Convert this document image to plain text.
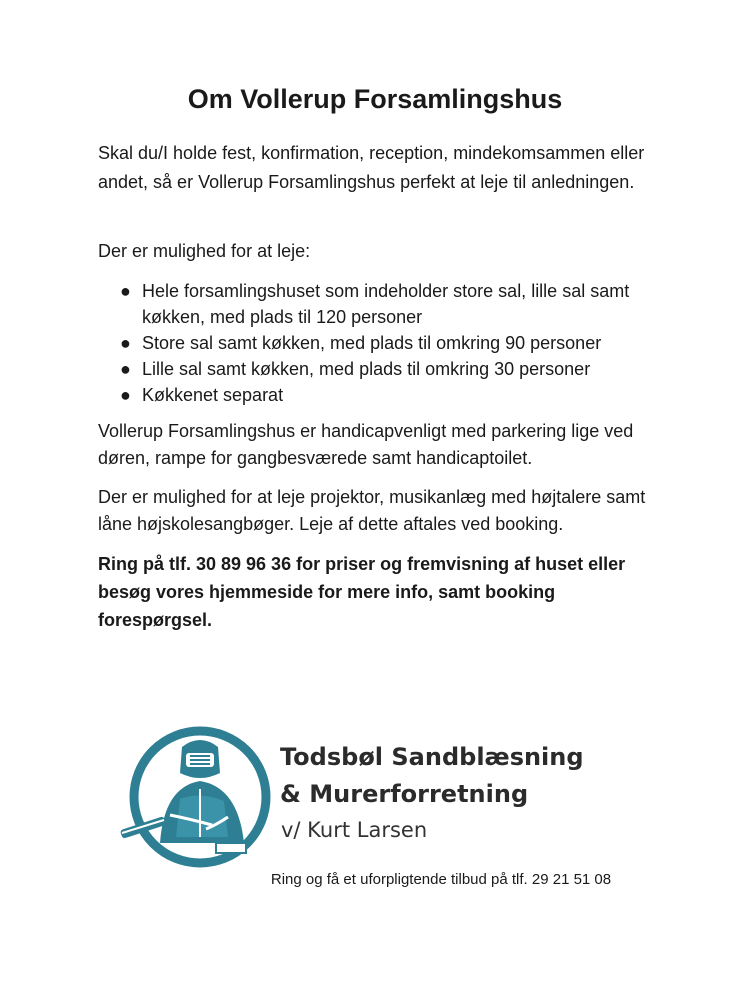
Om Vollerup Forsamlingshus

Skal du/I holde fest, konfirmation, reception, mindekomsammen eller andet, så er Vollerup Forsamlingshus perfekt at leje til anledningen.

Der er mulighed for at leje:

● Hele forsamlingshuset som indeholder store sal, lille sal samt køkken, med plads til 120 personer
● Store sal samt køkken, med plads til omkring 90 personer
● Lille sal samt køkken, med plads til omkring 30 personer
● Køkkenet separat

Vollerup Forsamlingshus er handicapvenligt med parkering lige ved døren, rampe for gangbesværede samt handicaptoilet.

Der er mulighed for at leje projektor, musikanlæg med højtalere samt låne højskolesangbøger. Leje af dette aftales ved booking.

Ring på tlf. 30 89 96 36 for priser og fremvisning af huset eller besøg vores hjemmeside for mere info, samt booking forespørgsel.

Todsbøl Sandblæsning
& Murerforretning
v/ Kurt Larsen
Ring og få et uforpligtende tilbud på tlf. 29 21 51 08
